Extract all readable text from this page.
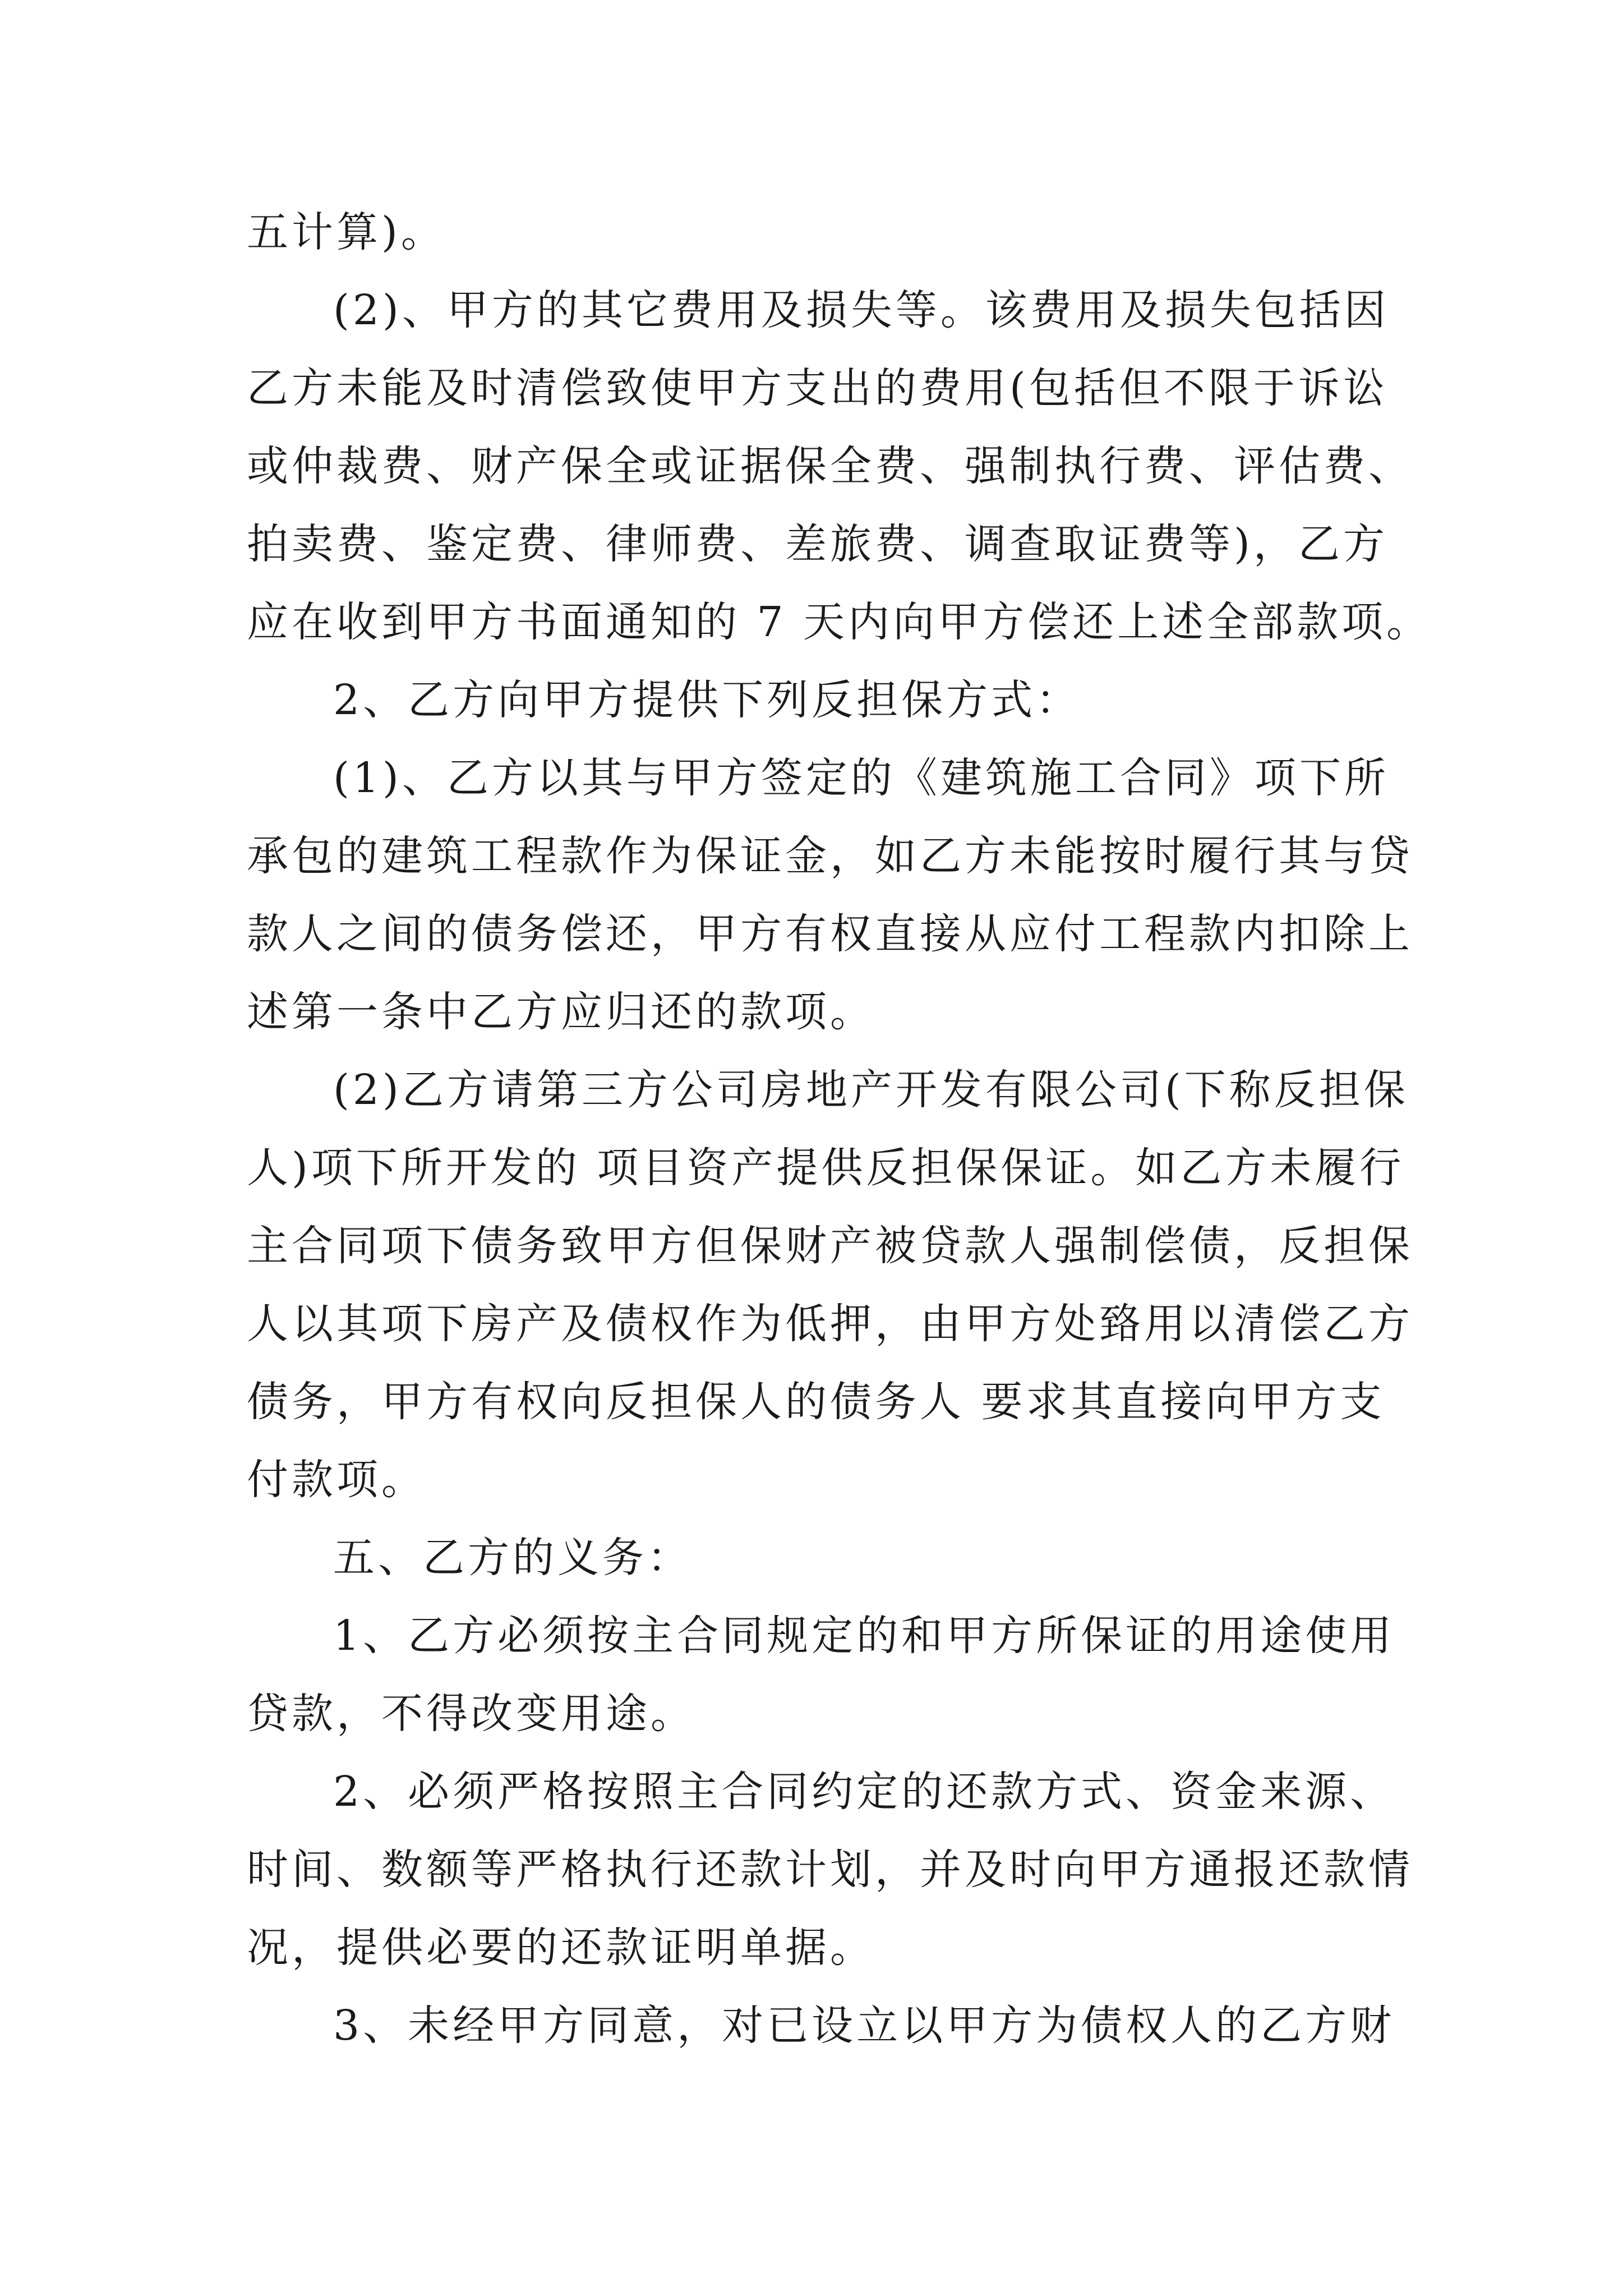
五计算)。
(2)、甲方的其它费用及损失等。该费用及损失包括因
乙方未能及时清偿致使甲方支出的费用(包括但不限于诉讼
或仲裁费、财产保全或证据保全费、强制执行费、评估费、
拍卖费、鉴定费、律师费、差旅费、调查取证费等)，乙方
应在收到甲方书面通知的 7 天内向甲方偿还上述全部款项。
2、乙方向甲方提供下列反担保方式：
(1)、乙方以其与甲方签定的《建筑施工合同》项下所
承包的建筑工程款作为保证金，如乙方未能按时履行其与贷
款人之间的债务偿还，甲方有权直接从应付工程款内扣除上
述第一条中乙方应归还的款项。
(2)乙方请第三方公司房地产开发有限公司(下称反担保
人)项下所开发的 项目资产提供反担保保证。如乙方未履行
主合同项下债务致甲方但保财产被贷款人强制偿债，反担保
人以其项下房产及债权作为低押，由甲方处臵用以清偿乙方
债务，甲方有权向反担保人的债务人 要求其直接向甲方支
付款项。
五、乙方的义务：
1、乙方必须按主合同规定的和甲方所保证的用途使用
贷款，不得改变用途。
2、必须严格按照主合同约定的还款方式、资金来源、
时间、数额等严格执行还款计划，并及时向甲方通报还款情
况，提供必要的还款证明单据。
3、未经甲方同意，对已设立以甲方为债权人的乙方财
